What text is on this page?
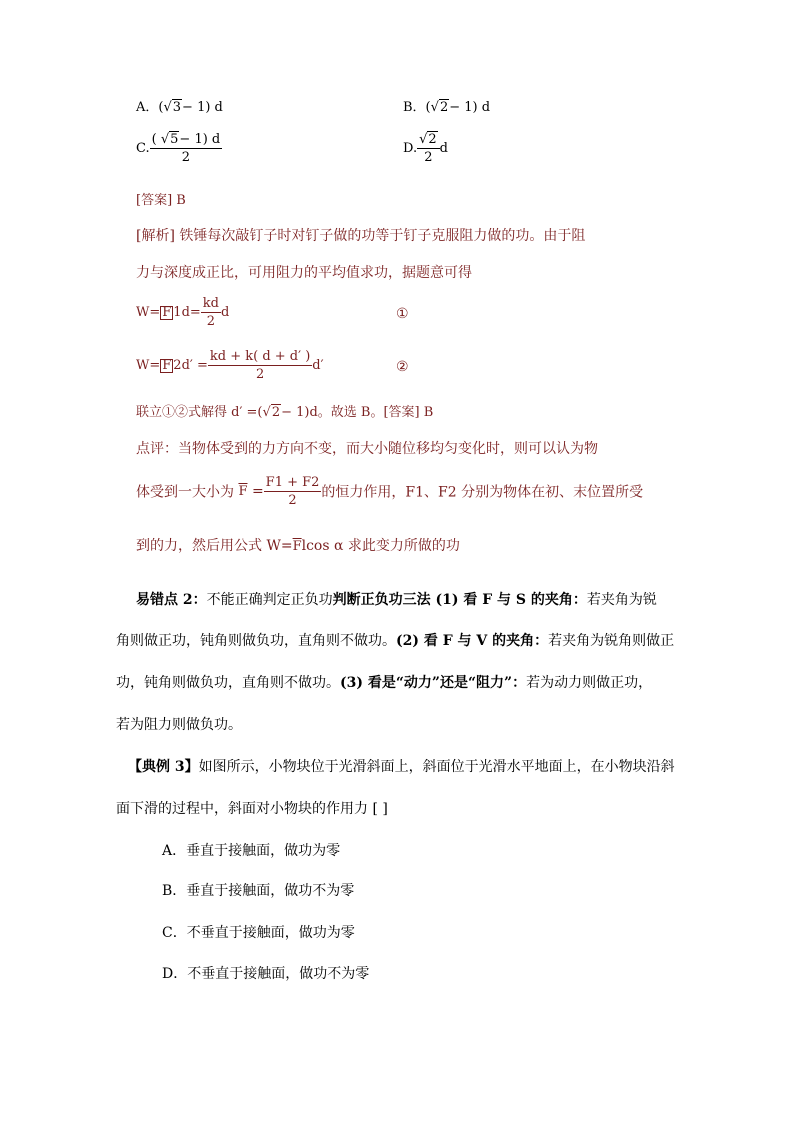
A．(√3− 1) d	B．(√2− 1) d
C. $\frac{( √5- 1) d}{2}$	D. $\frac{√2}{2}$ d
[答案] B
[解析] 铁锤每次敲钉子时对钉子做的功等于钉子克服阻力做的功。由于阻
力与深度成正比，可用阻力的平均值求功，据题意可得
W= F $1d= \frac{kd}{2}$ d	①
W= F $2d' = \frac{kd + k( d + d' )}{2} d'$	②
联立①②式解得 d′ =(√2− 1)d。故选 B。[答案] B
点评：当物体受到的力方向不变，而大小随位移均匀变化时，则可以认为物
体受到一大小为 $\overline{F} = \frac{F1 + F2}{2}$ 的恒力作用，F1、F2 分别为物体在初、末位置所受
到的力，然后用公式 $W=\overline{F}lcos$ α 求此变力所做的功
易错点 2：不能正确判定正负功判断正负功三法 (1) 看 F 与 S 的夹角：若夹角为锐
角则做正功，钝角则做负功，直角则不做功。(2) 看 F 与 V 的夹角：若夹角为锐角则做正
功，钝角则做负功，直角则不做功。(3) 看是“动力”还是“阻力”：若为动力则做正功，
若为阻力则做负功。
【典例 3】如图所示，小物块位于光滑斜面上，斜面位于光滑水平地面上，在小物块沿斜
面下滑的过程中，斜面对小物块的作用力 [ ]
A．垂直于接触面，做功为零
B．垂直于接触面，做功不为零
C．不垂直于接触面，做功为零
D．不垂直于接触面，做功不为零
